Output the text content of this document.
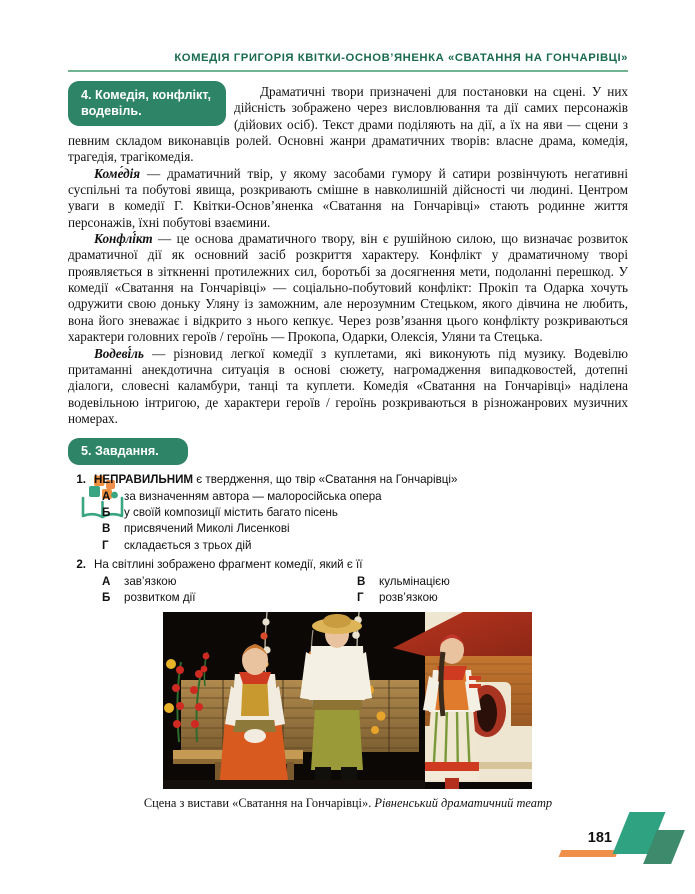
КОМЕДІЯ ГРИГОРІЯ КВІТКИ-ОСНОВ’ЯНЕНКА «СВАТАННЯ НА ГОНЧАРІВЦІ»
4. Комедія, конфлікт, водевіль.

Драматичні твори призначені для постановки на сцені. У них дійсність зображено через висловлювання та дії самих персонажів (дійових осіб). Текст драми поділяють на дії, а їх на яви — сцени з певним складом виконавців ролей. Основні жанри драматичних творів: власне драма, комедія, трагедія, трагікомедія.

Коме́дія — драматичний твір, у якому засобами гумору й сатири розвінчують негативні суспільні та побутові явища, розкривають смішне в навколишній дійсності чи людині. Центром уваги в комедії Г. Квітки-Основ’яненка «Сватання на Гончарівці» стають родинне життя персонажів, їхні побутові взаємини.

Конфлі́кт — це основа драматичного твору, він є рушійною силою, що визначає розвиток драматичної дії як основний засіб розкриття характеру. Конфлікт у драматичному творі проявляється в зіткненні протилежних сил, боротьбі за досягнення мети, подоланні перешкод. У комедії «Сватання на Гончарівці» — соціально-побутовий конфлікт: Прокіп та Одарка хочуть одружити свою доньку Уляну із заможним, але нерозумним Стецьком, якого дівчина не любить, вона його зневажає і відкрито з нього кепкує. Через розв’язання цього конфлікту розкриваються характери головних героїв / героїнь — Прокопа, Одарки, Олексія, Уляни та Стецька.

Водеві́ль — різновид легкої комедії з куплетами, які виконують під музику. Водевілю притаманні анекдотична ситуація в основі сюжету, нагромадження випадковостей, дотепні діалоги, словесні каламбури, танці та куплети. Комедія «Сватання на Гончарівці» наділена водевільною інтригою, де характери героїв / героїнь розкриваються в різножанрових музичних номерах.

5. Завдання.
1. НЕПРАВИЛЬНИМ є твердження, що твір «Сватання на Гончарівці»
А	за визначенням автора — малоросійська опера
Б	у своїй композиції містить багато пісень
В	присвячений Миколі Лисенкові
Г	складається з трьох дій
2. На світлині зображено фрагмент комедії, який є її
А	зав’язкою	В	кульмінацією
Б	розвитком дії	Г	розв’язкою
Сцена з вистави «Сватання на Гончарівці». Рівненський драматичний театр
181
